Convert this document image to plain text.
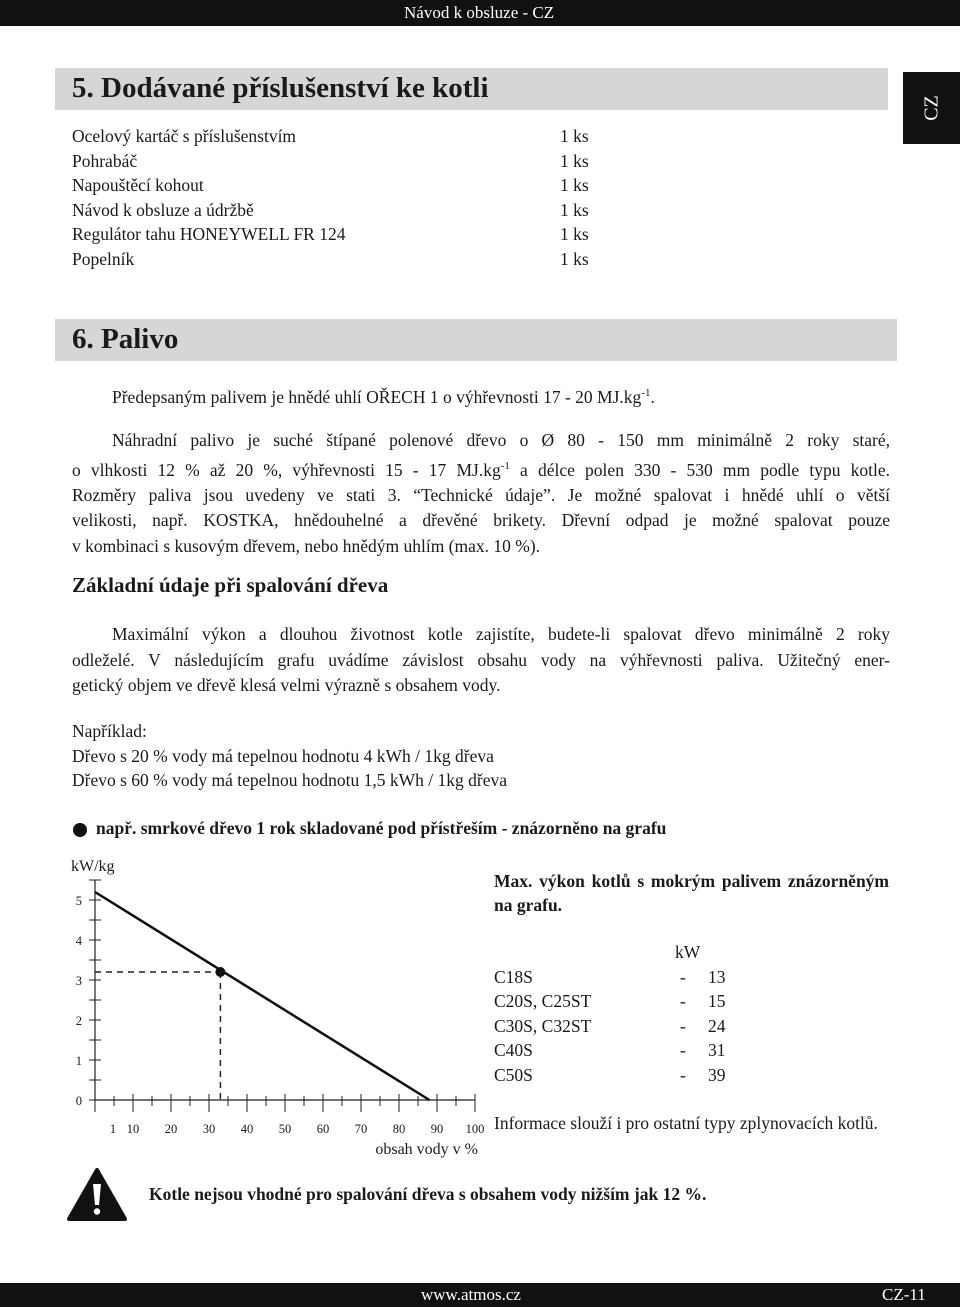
Návod k obsluze - CZ
5. Dodávané příslušenství ke kotli
CZ
Ocelový kartáč s příslušenstvím	1 ks
Pohrabáč	1 ks
Napouštěcí kohout	1 ks
Návod k obsluze a údržbě	1 ks
Regulátor tahu HONEYWELL FR 124	1 ks
Popelník	1 ks
6. Palivo
Předepsaným palivem je hnědé uhlí OŘECH 1 o výhřevnosti 17 - 20 $MJ.kg^{-1}$.
Náhradní palivo je suché štípané polenové dřevo o Ø 80 - 150 mm minimálně 2 roky staré,
o vlhkosti 12 % až 20 %, výhřevnosti 15 - 17 $MJ.kg^{-1}$ a délce polen 330 - 530 mm podle typu kotle.
Rozměry paliva jsou uvedeny ve stati 3. “Technické údaje”. Je možné spalovat i hnědé uhlí o větší
velikosti, např. KOSTKA, hnědouhelné a dřevěné brikety. Dřevní odpad je možné spalovat pouze
v kombinaci s kusovým dřevem, nebo hnědým uhlím (max. 10 %).
Základní údaje při spalování dřeva
Maximální výkon a dlouhou životnost kotle zajistíte, budete-li spalovat dřevo minimálně 2 roky
odleželé. V následujícím grafu uvádíme závislost obsahu vody na výhřevnosti paliva. Užitečný ener-
getický objem ve dřevě klesá velmi výrazně s obsahem vody.
Například:
Dřevo s 20 % vody má tepelnou hodnotu 4 kWh / 1kg dřeva
Dřevo s 60 % vody má tepelnou hodnotu 1,5 kWh / 1kg dřeva
např. smrkové dřevo 1 rok skladované pod přístřeším - znázorněno na grafu
kW/kg
0
1
2
3
4
5
1 10 20 30 40 50 60 70 80 90 100
obsah vody v %
Max. výkon kotlů s mokrým palivem znázorněným na grafu.
kW
C18S	- 13
C20S, C25ST	- 15
C30S, C32ST	- 24
C40S	- 31
C50S	- 39
Informace slouží i pro ostatní typy zplynovacích kotlů.
Kotle nejsou vhodné pro spalování dřeva s obsahem vody nižším jak 12 %.
www.atmos.cz	CZ-11
